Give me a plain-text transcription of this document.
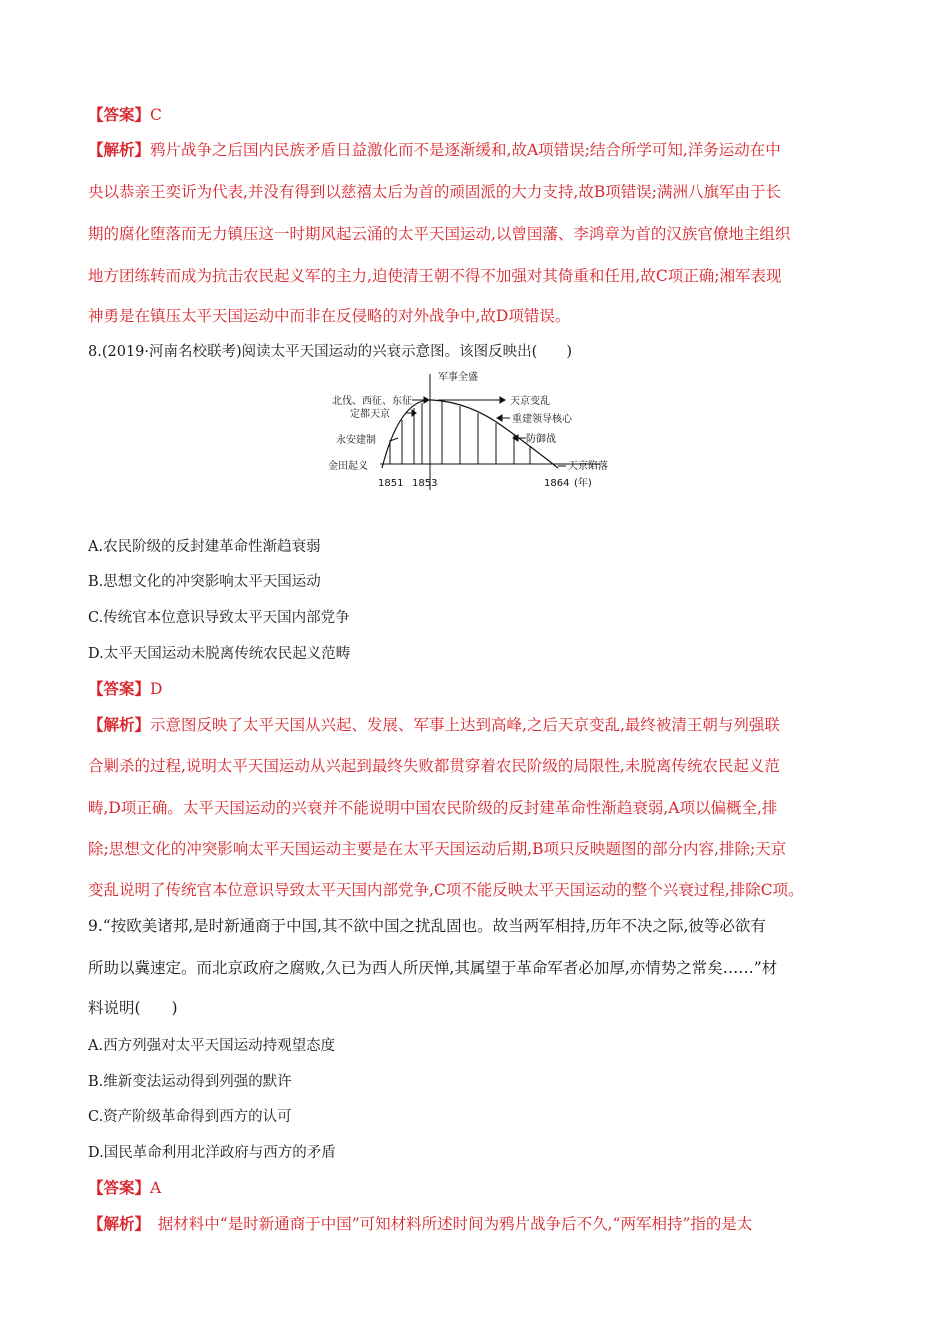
【答案】C
【解析】鸦片战争之后国内民族矛盾日益激化而不是逐渐缓和,故A项错误;结合所学可知,洋务运动在中
央以恭亲王奕䜣为代表,并没有得到以慈禧太后为首的顽固派的大力支持,故B项错误;满洲八旗军由于长
期的腐化堕落而无力镇压这一时期风起云涌的太平天国运动,以曾国藩、李鸿章为首的汉族官僚地主组织
地方团练转而成为抗击农民起义军的主力,迫使清王朝不得不加强对其倚重和任用,故C项正确;湘军表现
神勇是在镇压太平天国运动中而非在反侵略的对外战争中,故D项错误。
8.(2019·河南名校联考)阅读太平天国运动的兴衰示意图。该图反映出(　　)
军事全盛
北伐、西征、东征
定都天京
永安建制
金田起义
天京变乱
重建领导核心
防御战
天京陷落
1851 1853	1864 (年)
A.农民阶级的反封建革命性渐趋衰弱
B.思想文化的冲突影响太平天国运动
C.传统官本位意识导致太平天国内部党争
D.太平天国运动未脱离传统农民起义范畴
【答案】D
【解析】示意图反映了太平天国从兴起、发展、军事上达到高峰,之后天京变乱,最终被清王朝与列强联
合剿杀的过程,说明太平天国运动从兴起到最终失败都贯穿着农民阶级的局限性,未脱离传统农民起义范
畴,D项正确。太平天国运动的兴衰并不能说明中国农民阶级的反封建革命性渐趋衰弱,A项以偏概全,排
除;思想文化的冲突影响太平天国运动主要是在太平天国运动后期,B项只反映题图的部分内容,排除;天京
变乱说明了传统官本位意识导致太平天国内部党争,C项不能反映太平天国运动的整个兴衰过程,排除C项。
9.“按欧美诸邦,是时新通商于中国,其不欲中国之扰乱固也。故当两军相持,历年不决之际,彼等必欲有
所助以冀速定。而北京政府之腐败,久已为西人所厌惮,其属望于革命军者必加厚,亦情势之常矣……”材
料说明(　　)
A.西方列强对太平天国运动持观望态度
B.维新变法运动得到列强的默许
C.资产阶级革命得到西方的认可
D.国民革命利用北洋政府与西方的矛盾
【答案】A
【解析】　据材料中“是时新通商于中国”可知材料所述时间为鸦片战争后不久,“两军相持”指的是太
